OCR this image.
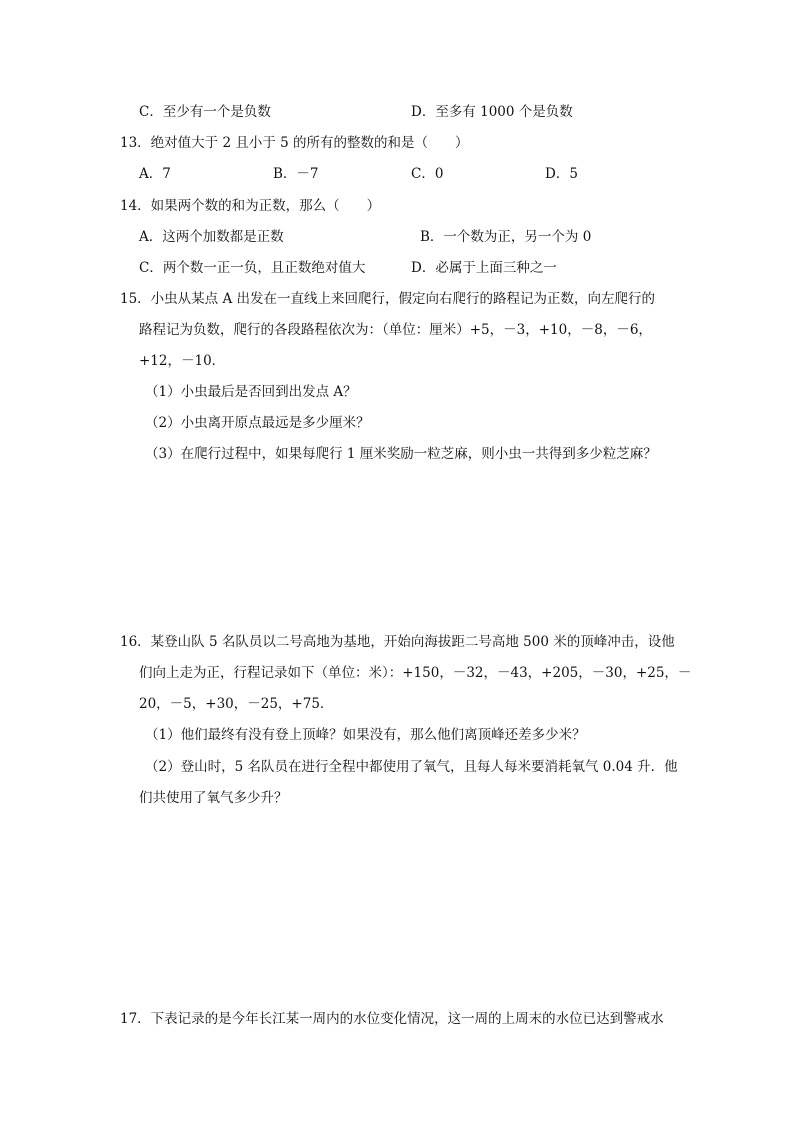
C．至少有一个是负数	D．至多有 1000 个是负数
13．绝对值大于 2 且小于 5 的所有的整数的和是（　　）
A．7	B．－7	C．0	D．5
14．如果两个数的和为正数，那么（　　）
A．这两个加数都是正数	B．一个数为正，另一个为 0
C．两个数一正一负，且正数绝对值大	D．必属于上面三种之一
15．小虫从某点 A 出发在一直线上来回爬行，假定向右爬行的路程记为正数，向左爬行的
路程记为负数，爬行的各段路程依次为：（单位：厘米）+5，－3，+10，－8，－6，
+12，－10．
（1）小虫最后是否回到出发点 A？
（2）小虫离开原点最远是多少厘米？
（3）在爬行过程中，如果每爬行 1 厘米奖励一粒芝麻，则小虫一共得到多少粒芝麻？
16．某登山队 5 名队员以二号高地为基地，开始向海拔距二号高地 500 米的顶峰冲击，设他
们向上走为正，行程记录如下（单位：米）：+150，－32，－43，+205，－30，+25，－
20，－5，+30，－25，+75．
（1）他们最终有没有登上顶峰？如果没有，那么他们离顶峰还差多少米？
（2）登山时，5 名队员在进行全程中都使用了氧气，且每人每米要消耗氧气 0.04 升．他
们共使用了氧气多少升？
17．下表记录的是今年长江某一周内的水位变化情况，这一周的上周末的水位已达到警戒水
